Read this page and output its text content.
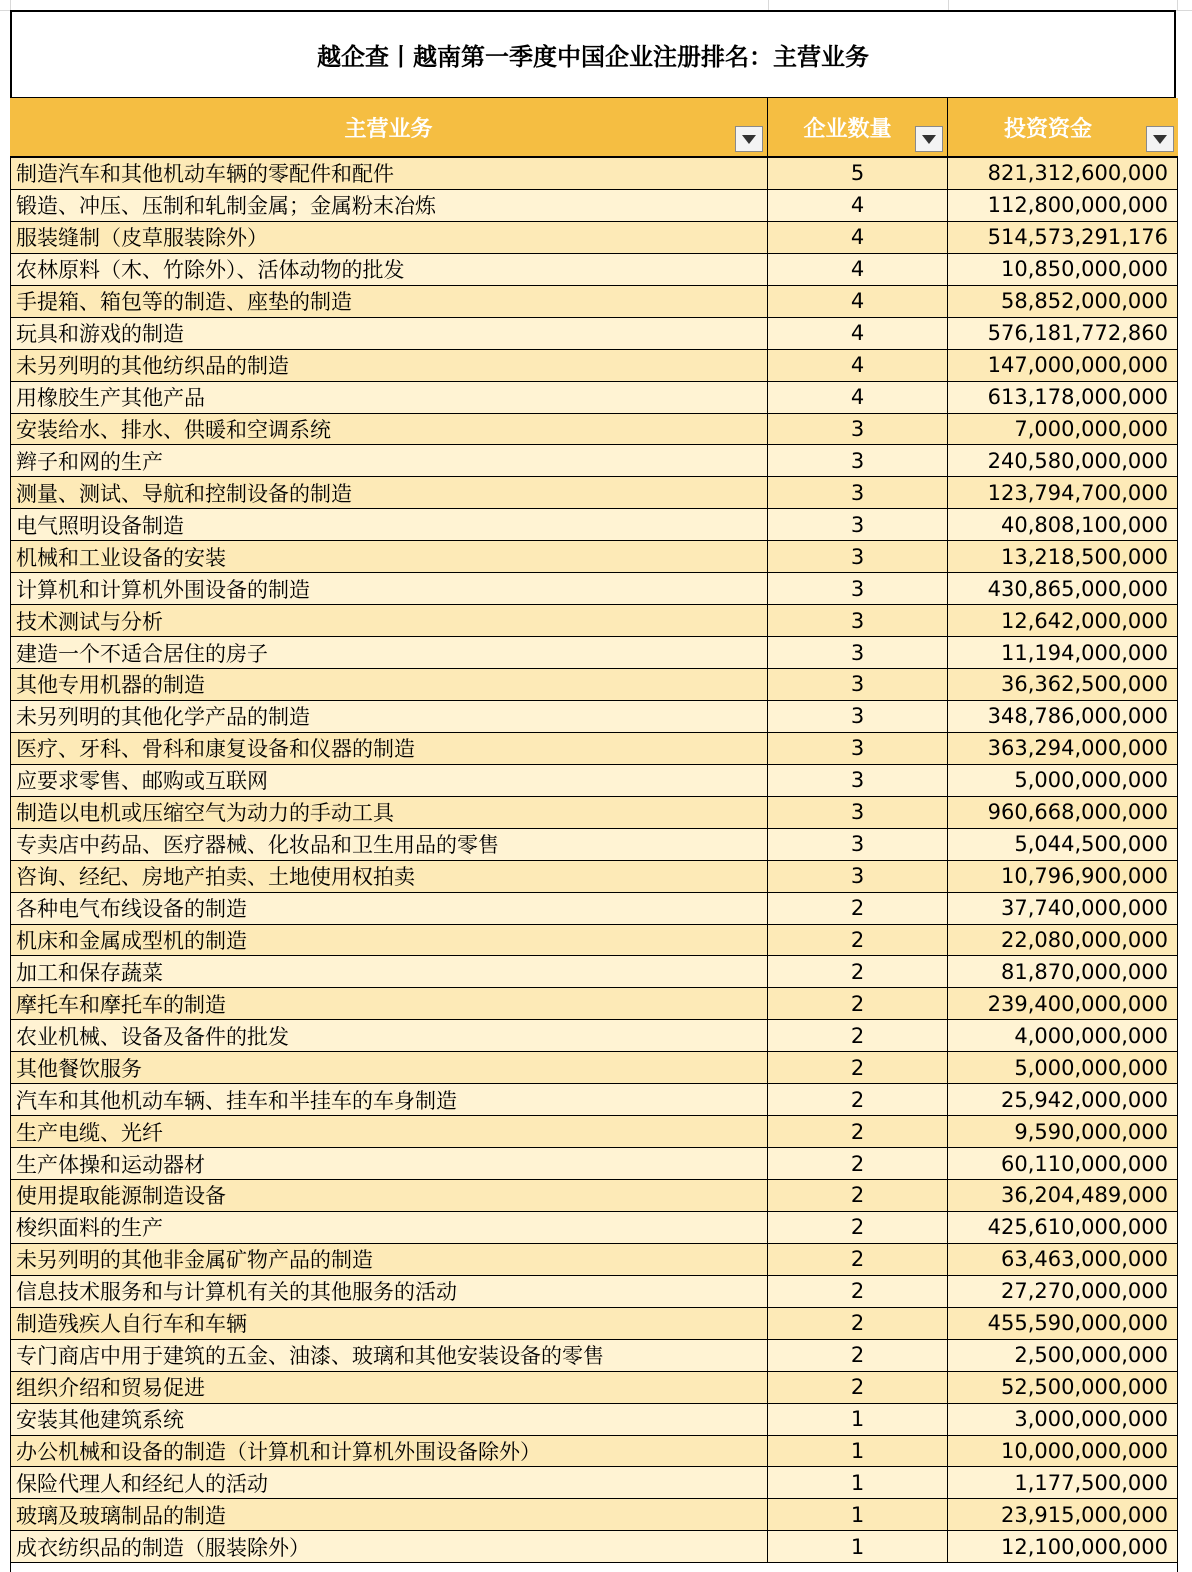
越企查丨越南第一季度中国企业注册排名：主营业务
主营业务	企业数量	投资资金
制造汽车和其他机动车辆的零配件和配件	5	821,312,600,000
锻造、冲压、压制和轧制金属；金属粉末冶炼	4	112,800,000,000
服装缝制（皮草服装除外）	4	514,573,291,176
农林原料（木、竹除外）、活体动物的批发	4	10,850,000,000
手提箱、箱包等的制造、座垫的制造	4	58,852,000,000
玩具和游戏的制造	4	576,181,772,860
未另列明的其他纺织品的制造	4	147,000,000,000
用橡胶生产其他产品	4	613,178,000,000
安装给水、排水、供暖和空调系统	3	7,000,000,000
辫子和网的生产	3	240,580,000,000
测量、测试、导航和控制设备的制造	3	123,794,700,000
电气照明设备制造	3	40,808,100,000
机械和工业设备的安装	3	13,218,500,000
计算机和计算机外围设备的制造	3	430,865,000,000
技术测试与分析	3	12,642,000,000
建造一个不适合居住的房子	3	11,194,000,000
其他专用机器的制造	3	36,362,500,000
未另列明的其他化学产品的制造	3	348,786,000,000
医疗、牙科、骨科和康复设备和仪器的制造	3	363,294,000,000
应要求零售、邮购或互联网	3	5,000,000,000
制造以电机或压缩空气为动力的手动工具	3	960,668,000,000
专卖店中药品、医疗器械、化妆品和卫生用品的零售	3	5,044,500,000
咨询、经纪、房地产拍卖、土地使用权拍卖	3	10,796,900,000
各种电气布线设备的制造	2	37,740,000,000
机床和金属成型机的制造	2	22,080,000,000
加工和保存蔬菜	2	81,870,000,000
摩托车和摩托车的制造	2	239,400,000,000
农业机械、设备及备件的批发	2	4,000,000,000
其他餐饮服务	2	5,000,000,000
汽车和其他机动车辆、挂车和半挂车的车身制造	2	25,942,000,000
生产电缆、光纤	2	9,590,000,000
生产体操和运动器材	2	60,110,000,000
使用提取能源制造设备	2	36,204,489,000
梭织面料的生产	2	425,610,000,000
未另列明的其他非金属矿物产品的制造	2	63,463,000,000
信息技术服务和与计算机有关的其他服务的活动	2	27,270,000,000
制造残疾人自行车和车辆	2	455,590,000,000
专门商店中用于建筑的五金、油漆、玻璃和其他安装设备的零售	2	2,500,000,000
组织介绍和贸易促进	2	52,500,000,000
安装其他建筑系统	1	3,000,000,000
办公机械和设备的制造（计算机和计算机外围设备除外）	1	10,000,000,000
保险代理人和经纪人的活动	1	1,177,500,000
玻璃及玻璃制品的制造	1	23,915,000,000
成衣纺织品的制造（服装除外）	1	12,100,000,000
